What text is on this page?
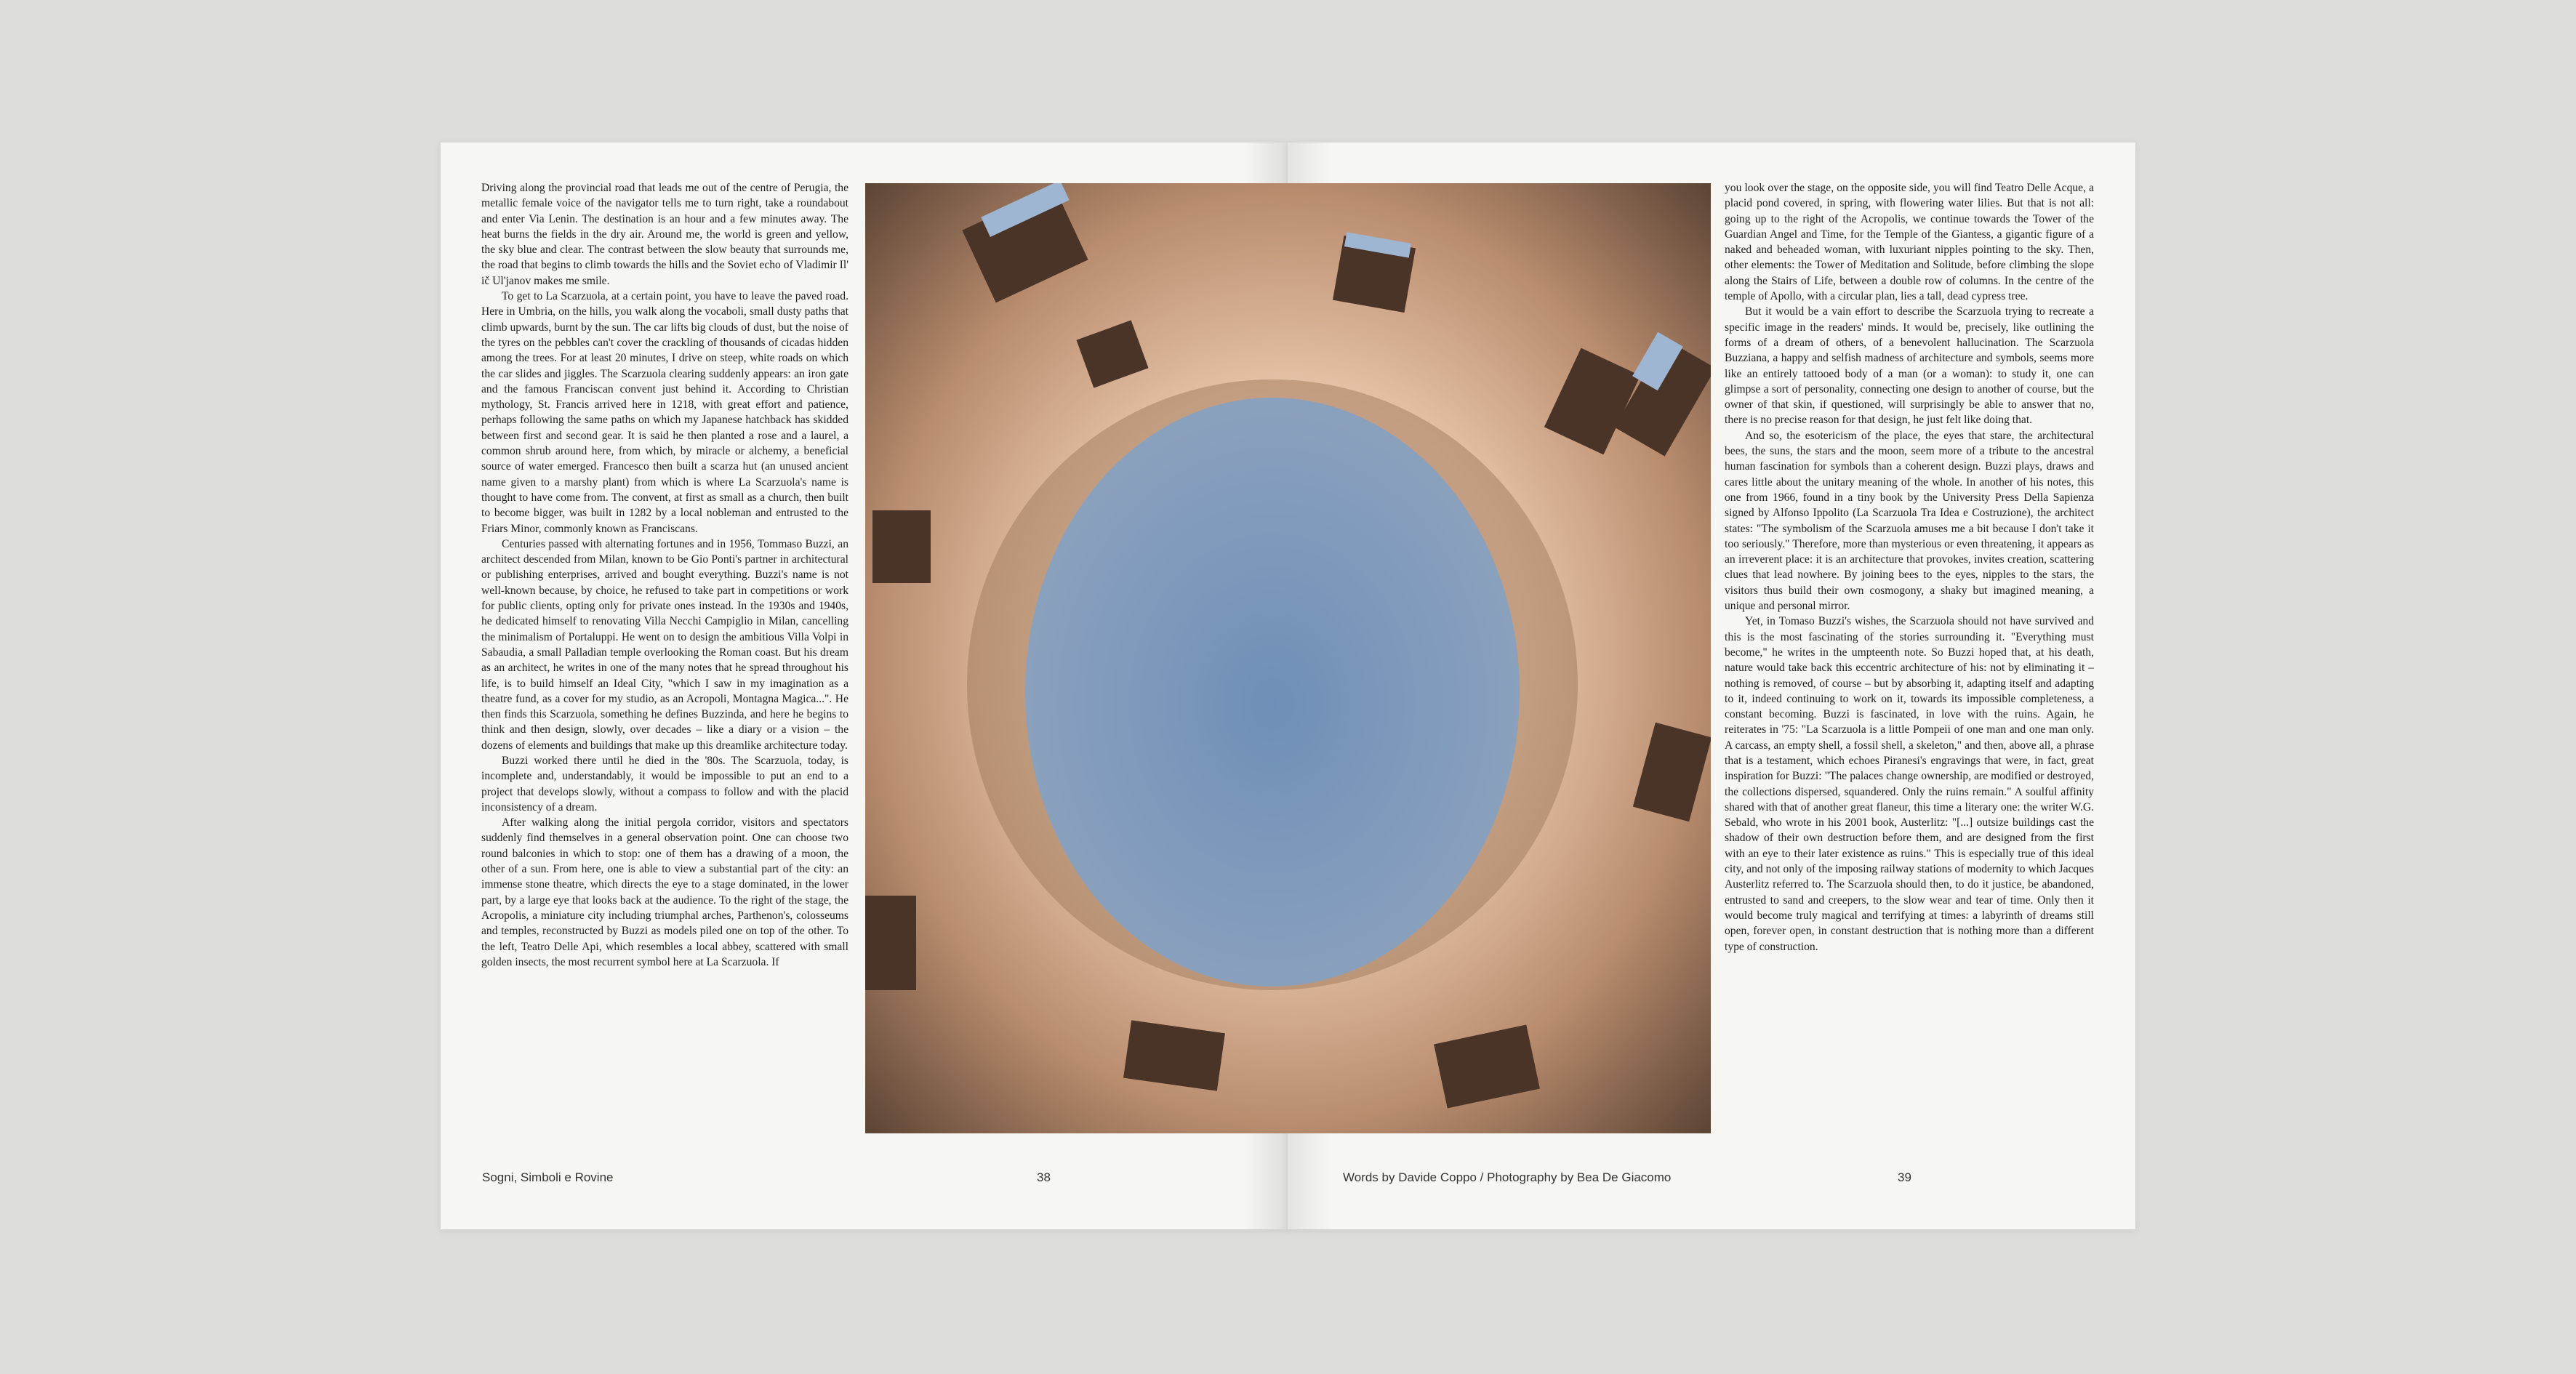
Driving along the provincial road that leads me out of the centre of Perugia, the metallic female voice of the navigator tells me to turn right, take a roundabout and enter Via Lenin. The destination is an hour and a few minutes away. The heat burns the fields in the dry air. Around me, the world is green and yellow, the sky blue and clear. The contrast between the slow beauty that surrounds me, the road that begins to climb towards the hills and the Soviet echo of Vladimir Il' ič Ul'janov makes me smile.

To get to La Scarzuola, at a certain point, you have to leave the paved road. Here in Umbria, on the hills, you walk along the vocaboli, small dusty paths that climb upwards, burnt by the sun. The car lifts big clouds of dust, but the noise of the tyres on the pebbles can't cover the crackling of thousands of cicadas hidden among the trees. For at least 20 minutes, I drive on steep, white roads on which the car slides and jiggles. The Scarzuola clearing suddenly appears: an iron gate and the famous Franciscan convent just behind it. According to Christian mythology, St. Francis arrived here in 1218, with great effort and patience, perhaps following the same paths on which my Japanese hatchback has skidded between first and second gear. It is said he then planted a rose and a laurel, a common shrub around here, from which, by miracle or alchemy, a beneficial source of water emerged. Francesco then built a scarza hut (an unused ancient name given to a marshy plant) from which is where La Scarzuola's name is thought to have come from. The convent, at first as small as a church, then built to become bigger, was built in 1282 by a local nobleman and entrusted to the Friars Minor, commonly known as Franciscans.

Centuries passed with alternating fortunes and in 1956, Tommaso Buzzi, an architect descended from Milan, known to be Gio Ponti's partner in architectural or publishing enterprises, arrived and bought everything. Buzzi's name is not well-known because, by choice, he refused to take part in competitions or work for public clients, opting only for private ones instead. In the 1930s and 1940s, he dedicated himself to renovating Villa Necchi Campiglio in Milan, cancelling the minimalism of Portaluppi. He went on to design the ambitious Villa Volpi in Sabaudia, a small Palladian temple overlooking the Roman coast. But his dream as an architect, he writes in one of the many notes that he spread throughout his life, is to build himself an Ideal City, "which I saw in my imagination as a theatre fund, as a cover for my studio, as an Acropoli, Montagna Magica...". He then finds this Scarzuola, something he defines Buzzinda, and here he begins to think and then design, slowly, over decades – like a diary or a vision – the dozens of elements and buildings that make up this dreamlike architecture today.

Buzzi worked there until he died in the '80s. The Scarzuola, today, is incomplete and, understandably, it would be impossible to put an end to a project that develops slowly, without a compass to follow and with the placid inconsistency of a dream.

After walking along the initial pergola corridor, visitors and spectators suddenly find themselves in a general observation point. One can choose two round balconies in which to stop: one of them has a drawing of a moon, the other of a sun. From here, one is able to view a substantial part of the city: an immense stone theatre, which directs the eye to a stage dominated, in the lower part, by a large eye that looks back at the audience. To the right of the stage, the Acropolis, a miniature city including triumphal arches, Parthenon's, colosseums and temples, reconstructed by Buzzi as models piled one on top of the other. To the left, Teatro Delle Api, which resembles a local abbey, scattered with small golden insects, the most recurrent symbol here at La Scarzuola. If

you look over the stage, on the opposite side, you will find Teatro Delle Acque, a placid pond covered, in spring, with flowering water lilies. But that is not all: going up to the right of the Acropolis, we continue towards the Tower of the Guardian Angel and Time, for the Temple of the Giantess, a gigantic figure of a naked and beheaded woman, with luxuriant nipples pointing to the sky. Then, other elements: the Tower of Meditation and Solitude, before climbing the slope along the Stairs of Life, between a double row of columns. In the centre of the temple of Apollo, with a circular plan, lies a tall, dead cypress tree.

But it would be a vain effort to describe the Scarzuola trying to recreate a specific image in the readers' minds. It would be, precisely, like outlining the forms of a dream of others, of a benevolent hallucination. The Scarzuola Buzziana, a happy and selfish madness of architecture and symbols, seems more like an entirely tattooed body of a man (or a woman): to study it, one can glimpse a sort of personality, connecting one design to another of course, but the owner of that skin, if questioned, will surprisingly be able to answer that no, there is no precise reason for that design, he just felt like doing that.

And so, the esotericism of the place, the eyes that stare, the architectural bees, the suns, the stars and the moon, seem more of a tribute to the ancestral human fascination for symbols than a coherent design. Buzzi plays, draws and cares little about the unitary meaning of the whole. In another of his notes, this one from 1966, found in a tiny book by the University Press Della Sapienza signed by Alfonso Ippolito (La Scarzuola Tra Idea e Costruzione), the architect states: "The symbolism of the Scarzuola amuses me a bit because I don't take it too seriously." Therefore, more than mysterious or even threatening, it appears as an irreverent place: it is an architecture that provokes, invites creation, scattering clues that lead nowhere. By joining bees to the eyes, nipples to the stars, the visitors thus build their own cosmogony, a shaky but imagined meaning, a unique and personal mirror.

Yet, in Tomaso Buzzi's wishes, the Scarzuola should not have survived and this is the most fascinating of the stories surrounding it. "Everything must become," he writes in the umpteenth note. So Buzzi hoped that, at his death, nature would take back this eccentric architecture of his: not by eliminating it – nothing is removed, of course – but by absorbing it, adapting itself and adapting to it, indeed continuing to work on it, towards its impossible completeness, a constant becoming. Buzzi is fascinated, in love with the ruins. Again, he reiterates in '75: "La Scarzuola is a little Pompeii of one man and one man only. A carcass, an empty shell, a fossil shell, a skeleton," and then, above all, a phrase that is a testament, which echoes Piranesi's engravings that were, in fact, great inspiration for Buzzi: "The palaces change ownership, are modified or destroyed, the collections dispersed, squandered. Only the ruins remain." A soulful affinity shared with that of another great flaneur, this time a literary one: the writer W.G. Sebald, who wrote in his 2001 book, Austerlitz: "[...] outsize buildings cast the shadow of their own destruction before them, and are designed from the first with an eye to their later existence as ruins." This is especially true of this ideal city, and not only of the imposing railway stations of modernity to which Jacques Austerlitz referred to. The Scarzuola should then, to do it justice, be abandoned, entrusted to sand and creepers, to the slow wear and tear of time. Only then it would become truly magical and terrifying at times: a labyrinth of dreams still open, forever open, in constant destruction that is nothing more than a different type of construction.

Sogni, Simboli e Rovine	38	Words by Davide Coppo / Photography by Bea De Giacomo	39
